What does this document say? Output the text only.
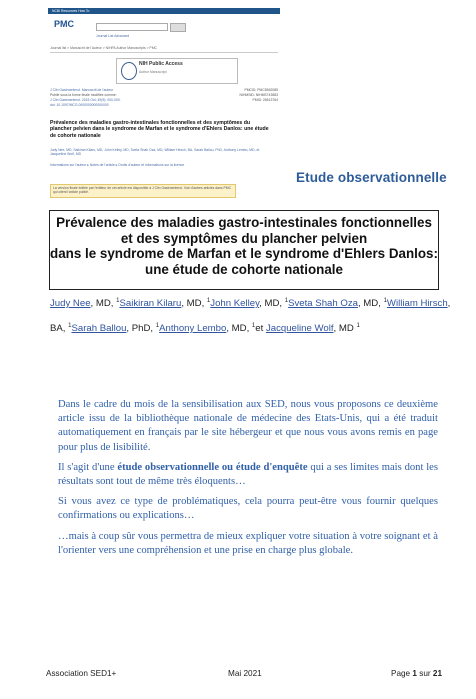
NCBI Resources How To
PMC
Journal List Advanced
Journal list > Manuscrit de l'Auteur > NIHPA Author Manuscripts > PMC
NIH Public Access
Author Manuscript
J Clin Gastroenterol. Manuscrit de l'auteur	PMCID: PMC5562085
Publié sous la forme finale modifiée comme:	NIHMSID: NIHMS743583
J Clin Gastroenterol. 2015 Oct; 49(9): 000-000.	PMID: 26513764
doi: 10.1097/MCG.0000000000000000
Prévalence des maladies gastro-intestinales fonctionnelles et des symptômes du plancher pelvien dans le syndrome de Marfan et le syndrome d'Ehlers Danlos: une étude de cohorte nationale
Judy Nee, MD, Saikiran Kilaru, MD, John Kelley, MD, Sveta Shah Oza, MD, William Hirsch, BA, Sarah Ballou, PhD, Anthony Lembo, MD, et Jacqueline Wolf, MD
Informations sur l'auteur ▸ Notes de l'article ▸ Droits d'auteur et informations sur la licence
La version finale éditée par l'éditeur de cet article est disponible à J Clin Gastroenterol. Voir d'autres articles dans PMC qui citent l'article publié.
Etude observationnelle
Prévalence des maladies gastro-intestinales fonctionnelles
et des symptômes du plancher pelvien
dans le syndrome de Marfan et le syndrome d'Ehlers Danlos:
une étude de cohorte nationale
Judy Nee, MD, $^1$Saikiran Kilaru, MD, $^1$John Kelley, MD, $^1$Sveta Shah Oza, MD, $^1$William Hirsch,
BA, $^1$Sarah Ballou, PhD, $^1$Anthony Lembo, MD, $^1$et Jacqueline Wolf, MD $^1$

Dans le cadre du mois de la sensibilisation aux SED, nous vous proposons ce deuxième article issu de la bibliothèque nationale de médecine des Etats-Unis, qui a été traduit automatiquement en français par le site hébergeur et que nous vous avons remis en page pour plus de lisibilité.

Il s'agit d'une étude observationnelle ou étude d'enquête qui a ses limites mais dont les résultats sont tout de même très éloquents…

Si vous avez ce type de problématiques, cela pourra peut-être vous fournir quelques confirmations ou explications…

…mais à coup sûr vous permettra de mieux expliquer votre situation à votre soignant et à l'orienter vers une compréhension et une prise en charge plus globale.

Association SED1+	Mai 2021	Page 1 sur 21
